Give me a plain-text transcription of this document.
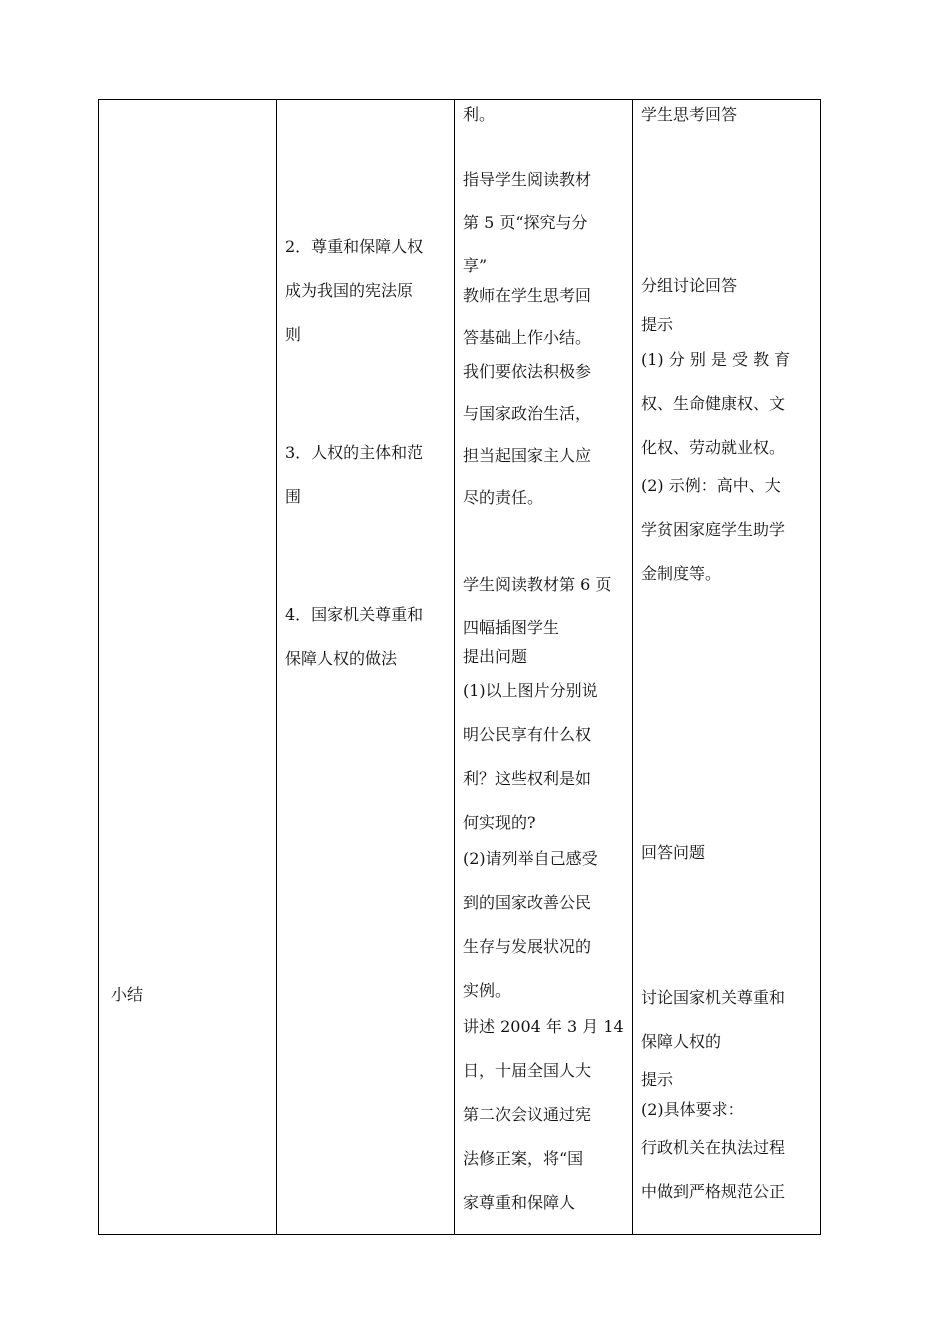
小结
2．尊重和保障人权
成为我国的宪法原
则
3．人权的主体和范
围
4．国家机关尊重和
保障人权的做法
利。
指导学生阅读教材
第 5 页“探究与分
享”
教师在学生思考回
答基础上作小结。
我们要依法积极参
与国家政治生活，
担当起国家主人应
尽的责任。
学生阅读教材第 6 页
四幅插图学生
提出问题
(1)以上图片分别说
明公民享有什么权
利？这些权利是如
何实现的?
(2)请列举自己感受
到的国家改善公民
生存与发展状况的
实例。
讲述 2004 年 3 月 14
日，十届全国人大
第二次会议通过宪
法修正案，将“国
家尊重和保障人
学生思考回答
分组讨论回答
提示
(1) 分 别 是 受 教 育
权、生命健康权、文
化权、劳动就业权。
(2) 示例：高中、大
学贫困家庭学生助学
金制度等。
回答问题
讨论国家机关尊重和
保障人权的
提示
(2)具体要求：
行政机关在执法过程
中做到严格规范公正
